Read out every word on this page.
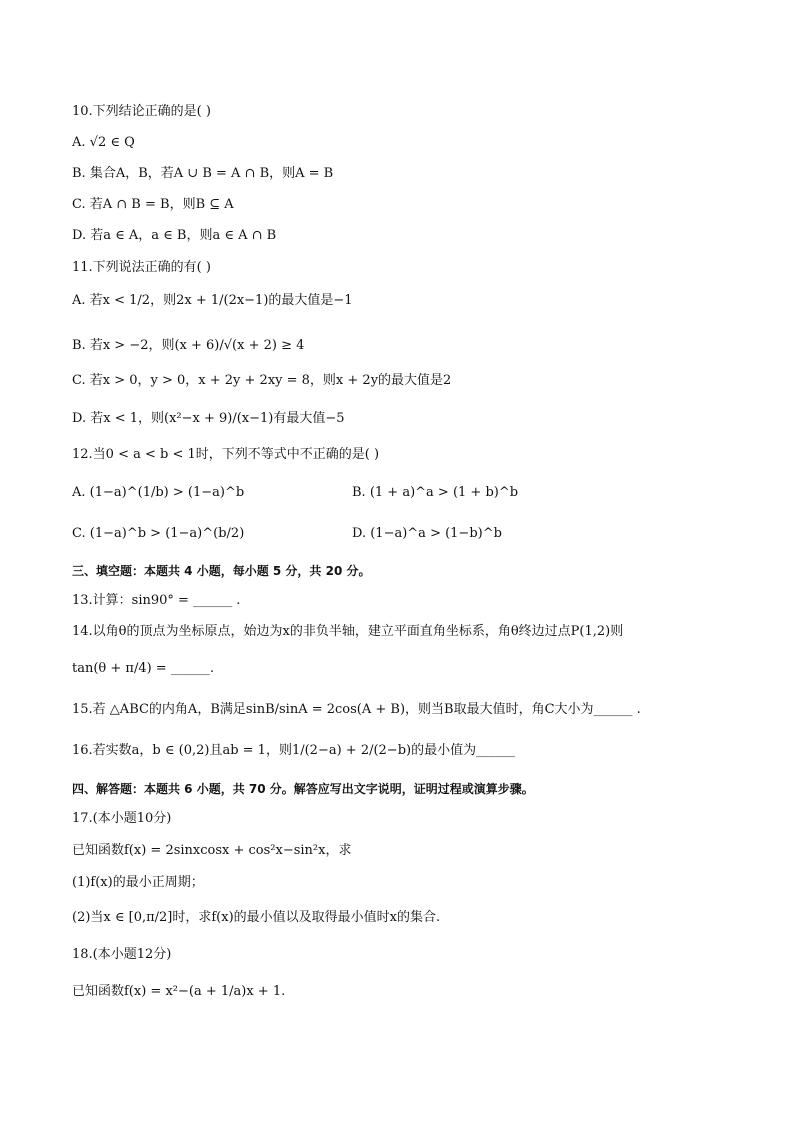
10.下列结论正确的是( )
A. √2 ∈ Q
B. 集合A，B，若A ∪ B = A ∩ B，则A = B
C. 若A ∩ B = B，则B ⊆ A
D. 若a ∈ A，a ∈ B，则a ∈ A ∩ B
11.下列说法正确的有( )
A. 若x < 1/2，则2x + 1/(2x−1)的最大值是−1
B. 若x > −2，则(x + 6)/√(x + 2) ≥ 4
C. 若x > 0，y > 0，x + 2y + 2xy = 8，则x + 2y的最大值是2
D. 若x < 1，则(x²−x + 9)/(x−1)有最大值−5
12.当0 < a < b < 1时，下列不等式中不正确的是( )
A. (1−a)^(1/b) > (1−a)^b	B. (1 + a)^a > (1 + b)^b
C. (1−a)^b > (1−a)^(b/2)	D. (1−a)^a > (1−b)^b
三、填空题：本题共 4 小题，每小题 5 分，共 20 分。
13.计算：sin90° = ______ .
14.以角θ的顶点为坐标原点，始边为x的非负半轴，建立平面直角坐标系，角θ终边过点P(1,2)则
tan(θ + π/4) = ______.
15.若 △ABC的内角A，B满足sinB/sinA = 2cos(A + B)，则当B取最大值时，角C大小为______ .
16.若实数a，b ∈ (0,2)且ab = 1，则1/(2−a) + 2/(2−b)的最小值为______
四、解答题：本题共 6 小题，共 70 分。解答应写出文字说明，证明过程或演算步骤。
17.(本小题10分)
已知函数f(x) = 2sinxcosx + cos²x−sin²x，求
(1)f(x)的最小正周期；
(2)当x ∈ [0,π/2]时，求f(x)的最小值以及取得最小值时x的集合.
18.(本小题12分)
已知函数f(x) = x²−(a + 1/a)x + 1.
